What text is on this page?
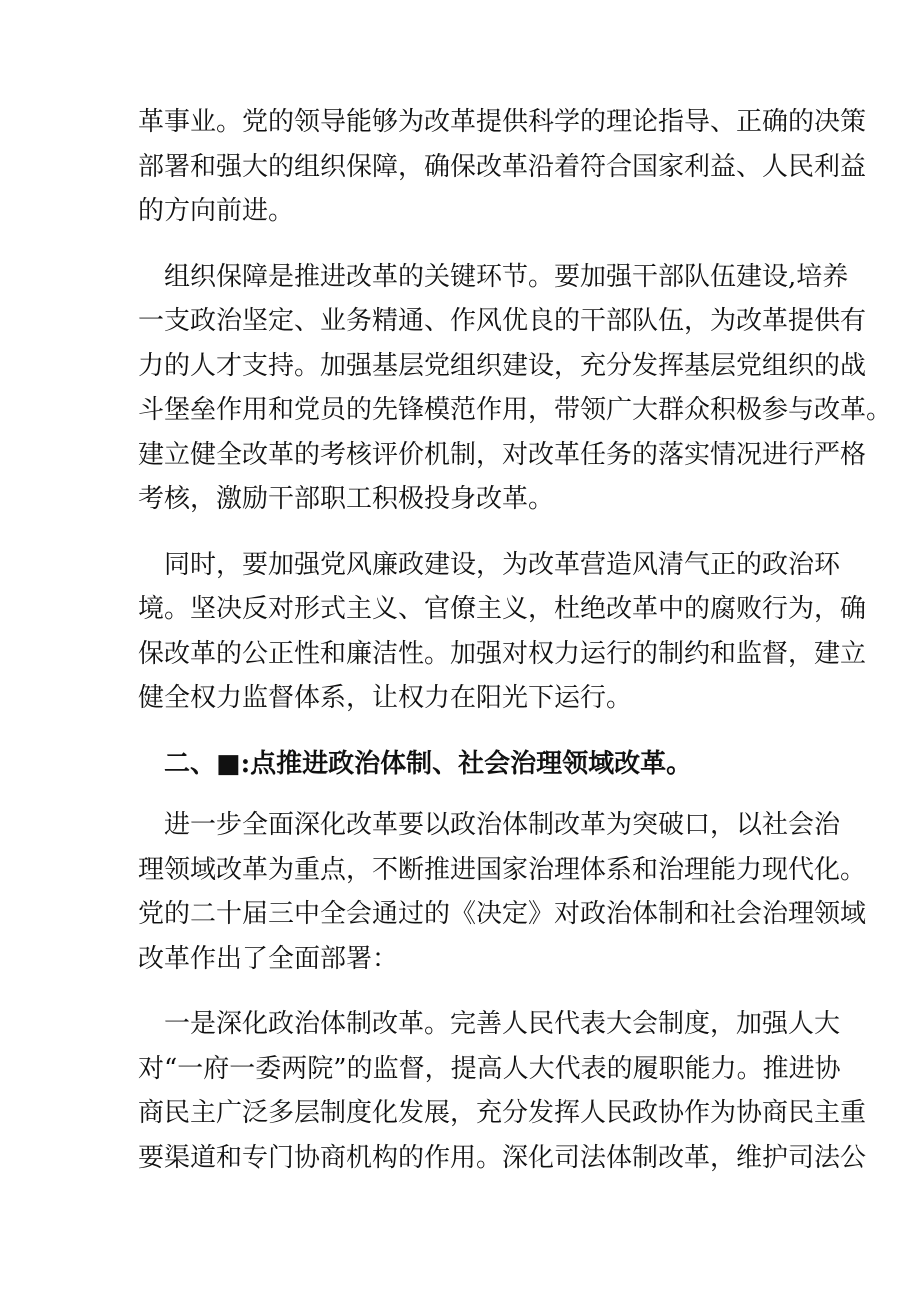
革事业。党的领导能够为改革提供科学的理论指导、正确的决策
部署和强大的组织保障，确保改革沿着符合国家利益、人民利益
的方向前进。
　组织保障是推进改革的关键环节。要加强干部队伍建设,培养
一支政治坚定、业务精通、作风优良的干部队伍，为改革提供有
力的人才支持。加强基层党组织建设，充分发挥基层党组织的战
斗堡垒作用和党员的先锋模范作用，带领广大群众积极参与改革。
建立健全改革的考核评价机制，对改革任务的落实情况进行严格
考核，激励干部职工积极投身改革。
　同时，要加强党风廉政建设，为改革营造风清气正的政治环
境。坚决反对形式主义、官僚主义，杜绝改革中的腐败行为，确
保改革的公正性和廉洁性。加强对权力运行的制约和监督，建立
健全权力监督体系，让权力在阳光下运行。
　二、■:点推进政治体制、社会治理领域改革。
　进一步全面深化改革要以政治体制改革为突破口，以社会治
理领域改革为重点，不断推进国家治理体系和治理能力现代化。
党的二十届三中全会通过的《决定》对政治体制和社会治理领域
改革作出了全面部署：
　一是深化政治体制改革。完善人民代表大会制度，加强人大
对“一府一委两院”的监督，提高人大代表的履职能力。推进协
商民主广泛多层制度化发展，充分发挥人民政协作为协商民主重
要渠道和专门协商机构的作用。深化司法体制改革，维护司法公
